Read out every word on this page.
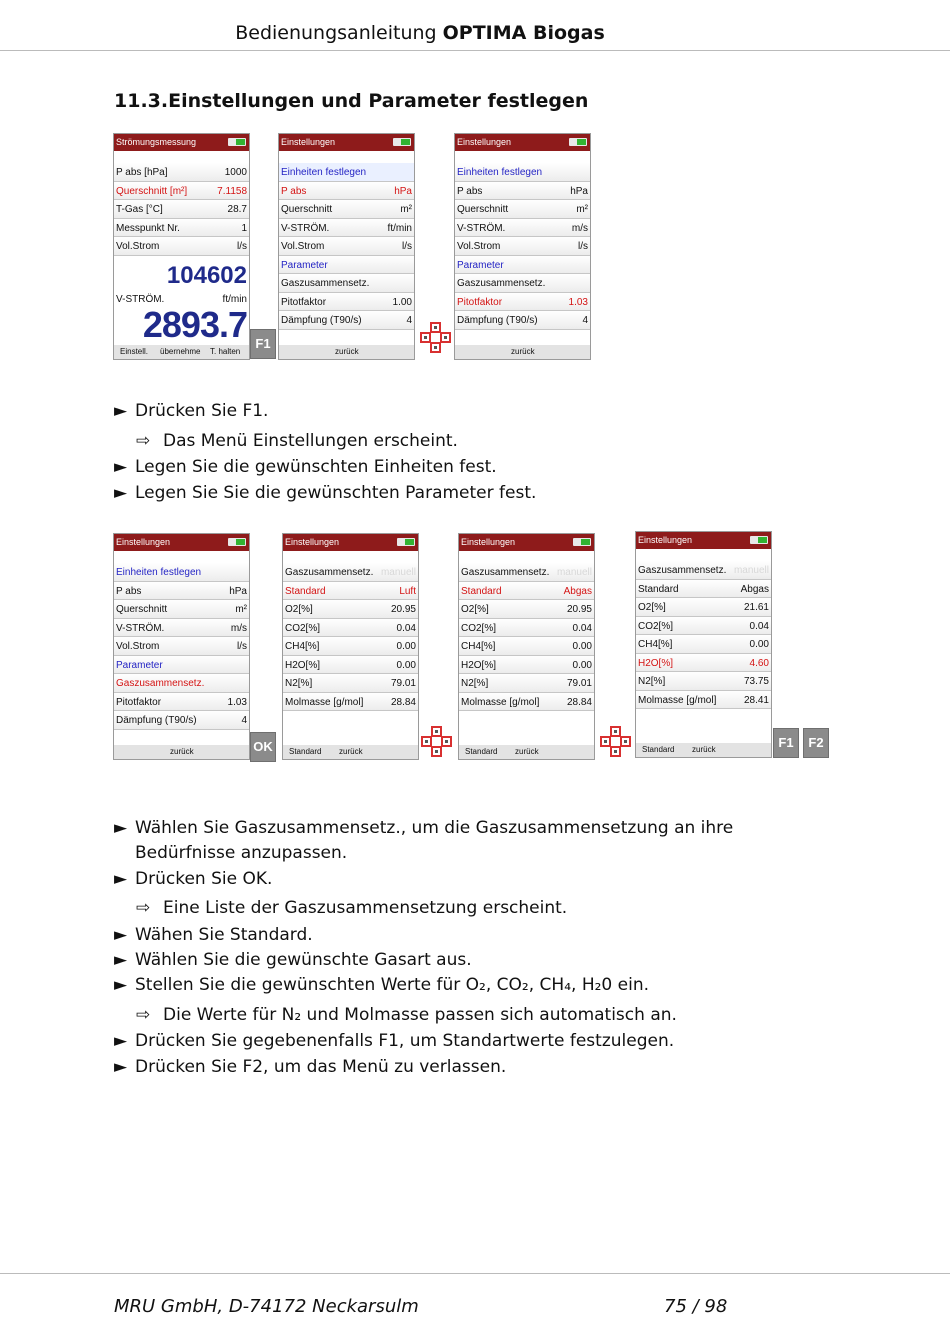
Bedienungsanleitung OPTIMA Biogas
11.3.Einstellungen und Parameter festlegen
Strömungsmessung
P abs [hPa]	1000
Querschnitt [m²]	7.1158
T-Gas [°C]	28.7
Messpunkt Nr.	1
Vol.Strom	l/s
104602
V-STRÖM.	ft/min
2893.7
Einstell. übernehme T. halten
F1
Einstellungen
Einheiten festlegen
P abs	hPa
Querschnitt	m²
V-STRÖM.	ft/min
Vol.Strom	l/s
Parameter
Gaszusammensetz.
Pitotfaktor	1.00
Dämpfung (T90/s)	4
zurück
Einstellungen
Einheiten festlegen
P abs	hPa
Querschnitt	m²
V-STRÖM.	m/s
Vol.Strom	l/s
Parameter
Gaszusammensetz.
Pitotfaktor	1.03
Dämpfung (T90/s)	4
zurück
► Drücken Sie F1.
⇨ Das Menü Einstellungen erscheint.
► Legen Sie die gewünschten Einheiten fest.
► Legen Sie Sie die gewünschten Parameter fest.
Einstellungen
Einheiten festlegen
P abs	hPa
Querschnitt	m²
V-STRÖM.	m/s
Vol.Strom	l/s
Parameter
Gaszusammensetz.
Pitotfaktor	1.03
Dämpfung (T90/s)	4
zurück	OK
Einstellungen
Gaszusammensetz. manuell
Standard	Luft
O2[%]	20.95
CO2[%]	0.04
CH4[%]	0.00
H2O[%]	0.00
N2[%]	79.01
Molmasse [g/mol]	28.84
Standard zurück
Einstellungen
Gaszusammensetz. manuell
Standard	Abgas
O2[%]	20.95
CO2[%]	0.04
CH4[%]	0.00
H2O[%]	0.00
N2[%]	79.01
Molmasse [g/mol]	28.84
Standard zurück
Einstellungen
Gaszusammensetz. manuell
Standard	Abgas
O2[%]	21.61
CO2[%]	0.04
CH4[%]	0.00
H2O[%]	4.60
N2[%]	73.75
Molmasse [g/mol]	28.41
Standard zurück	F1	F2
► Wählen Sie Gaszusammensetz., um die Gaszusammensetzung an ihre
Bedürfnisse anzupassen.
► Drücken Sie OK.
⇨ Eine Liste der Gaszusammensetzung erscheint.
► Wähen Sie Standard.
► Wählen Sie die gewünschte Gasart aus.
► Stellen Sie die gewünschten Werte für O₂, CO₂, CH₄, H₂0 ein.
⇨ Die Werte für N₂ und Molmasse passen sich automatisch an.
► Drücken Sie gegebenenfalls F1, um Standartwerte festzulegen.
► Drücken Sie F2, um das Menü zu verlassen.
MRU GmbH, D-74172 Neckarsulm	75 / 98
